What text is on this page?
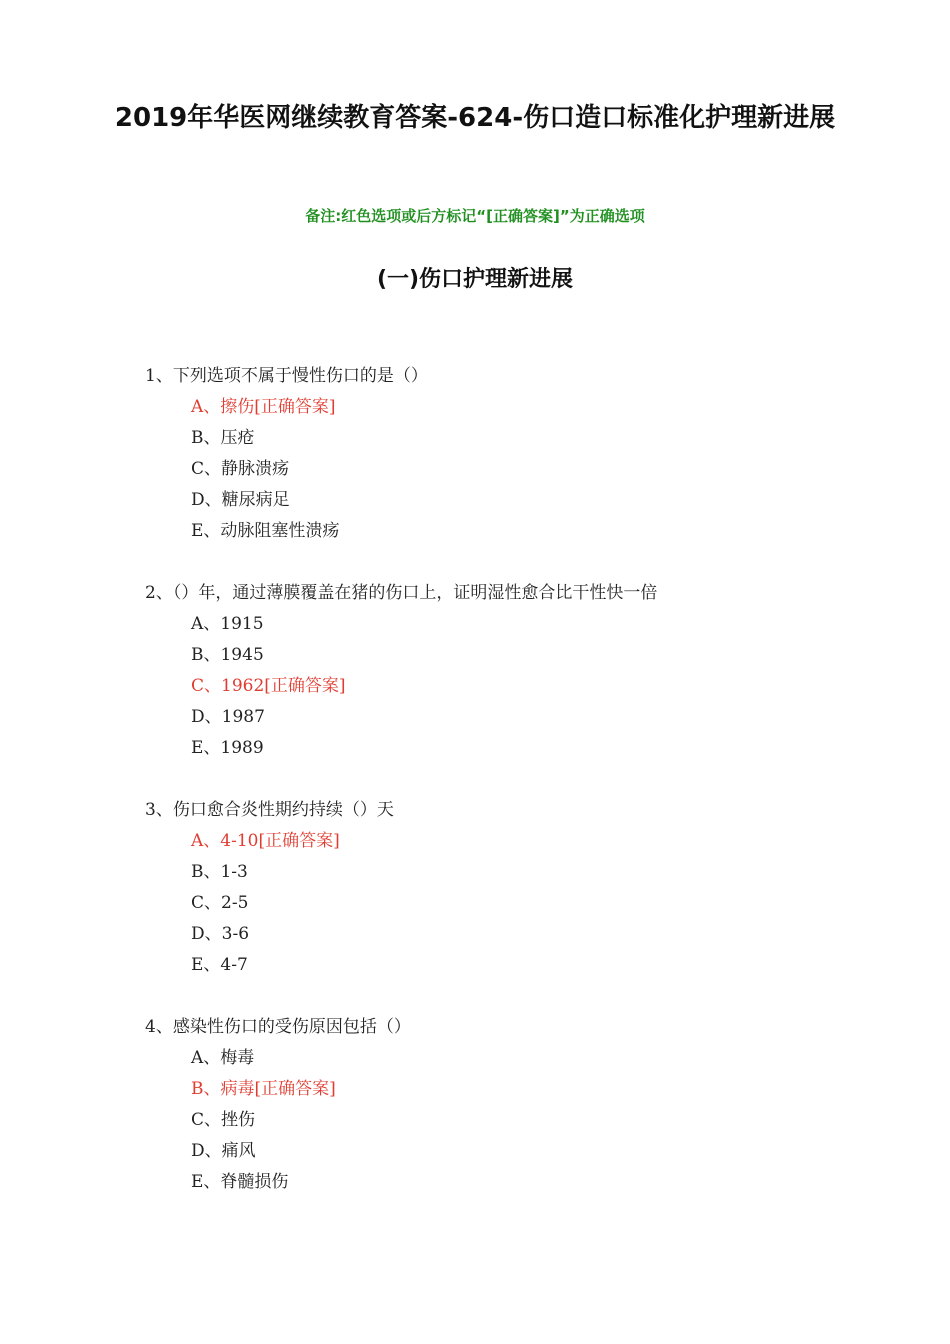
2019年华医网继续教育答案-624-伤口造口标准化护理新进展
备注:红色选项或后方标记“[正确答案]”为正确选项
(一)伤口护理新进展
1、下列选项不属于慢性伤口的是（）
A、擦伤[正确答案]
B、压疮
C、静脉溃疡
D、糖尿病足
E、动脉阻塞性溃疡
2、（）年，通过薄膜覆盖在猪的伤口上，证明湿性愈合比干性快一倍
A、1915
B、1945
C、1962[正确答案]
D、1987
E、1989
3、伤口愈合炎性期约持续（）天
A、4-10[正确答案]
B、1-3
C、2-5
D、3-6
E、4-7
4、感染性伤口的受伤原因包括（）
A、梅毒
B、病毒[正确答案]
C、挫伤
D、痛风
E、脊髓损伤
